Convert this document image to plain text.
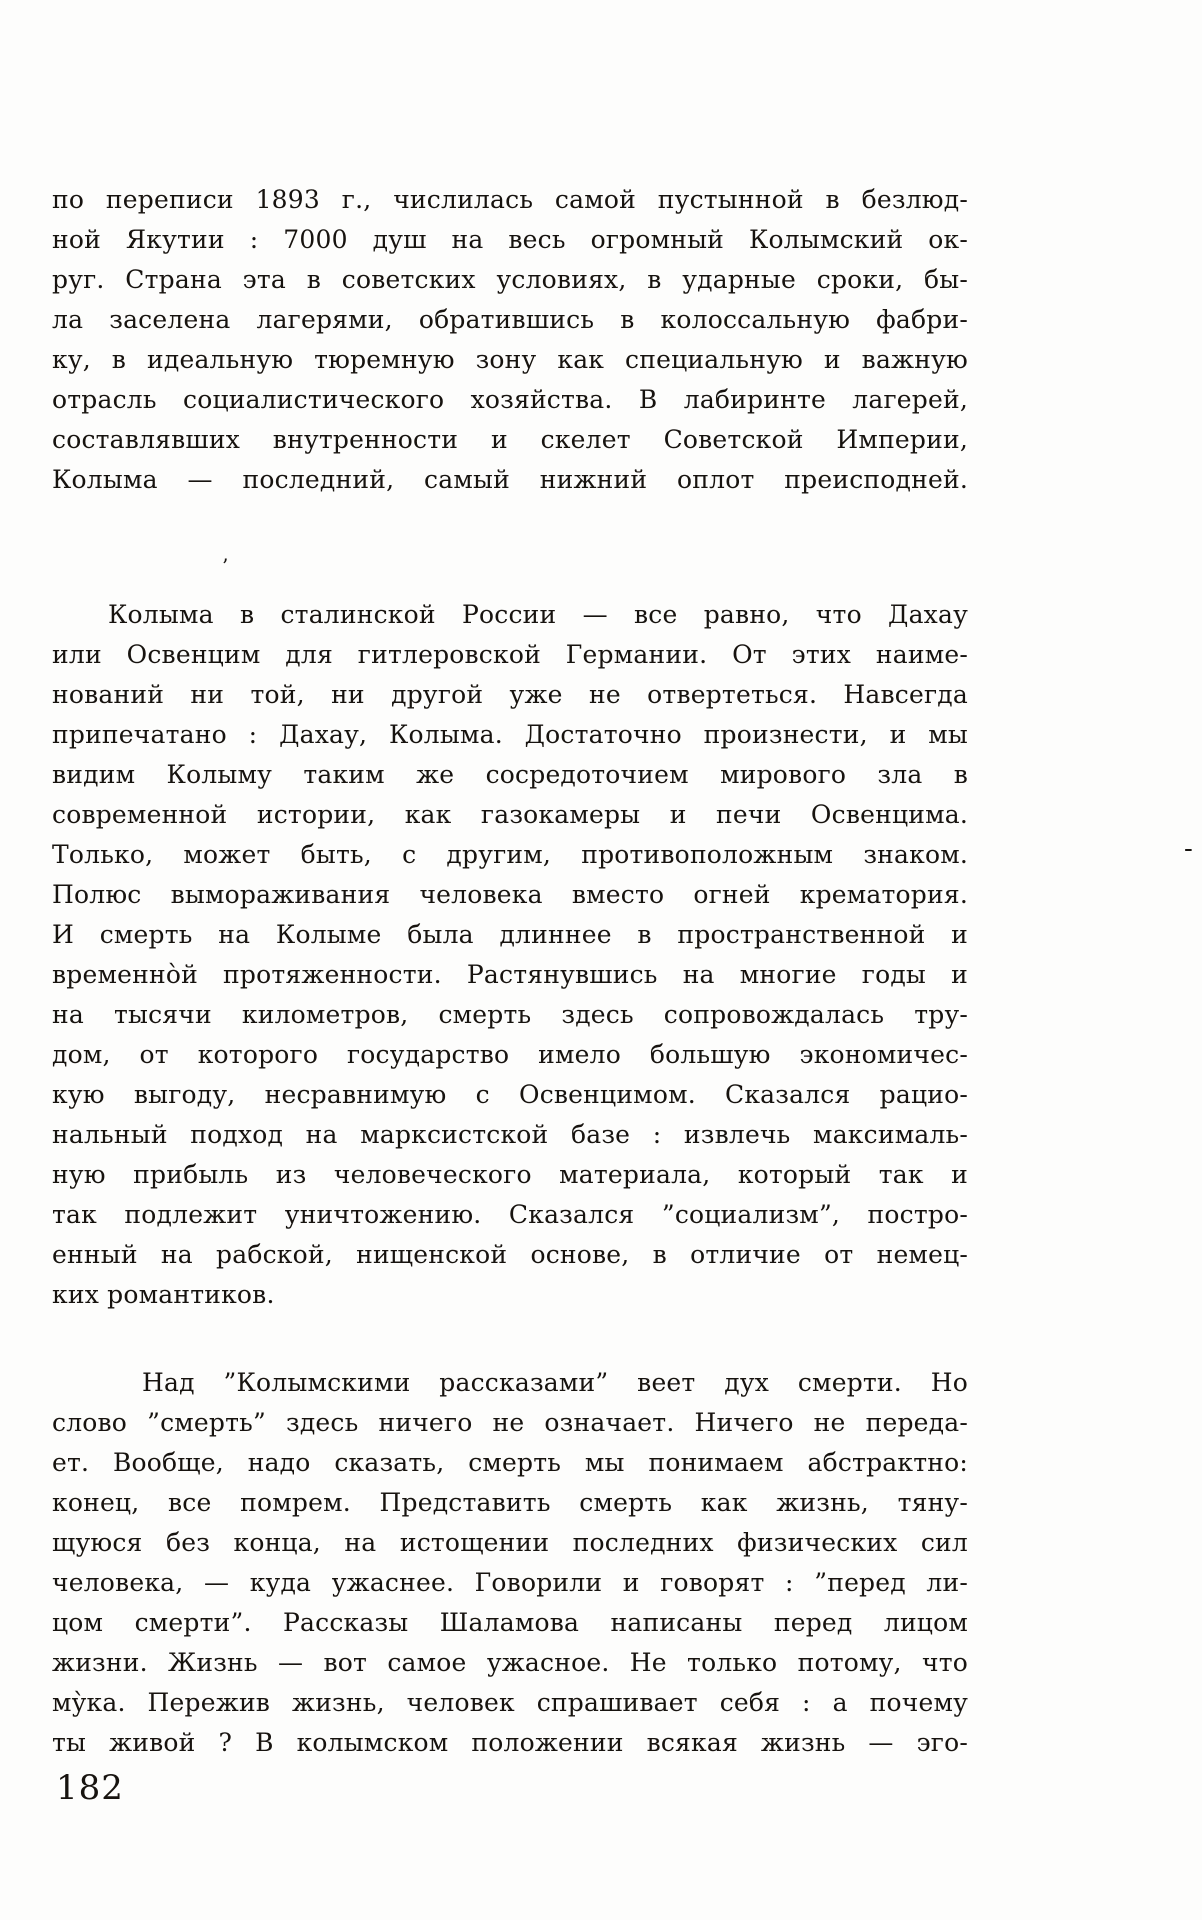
по переписи 1893 г., числилась самой пустынной в безлюд-
ной Якутии : 7000 душ на весь огромный Колымский ок-
руг. Страна эта в советских условиях, в ударные сроки, бы-
ла заселена лагерями, обратившись в колоссальную фабри-
ку, в идеальную тюремную зону как специальную и важную
отрасль социалистического хозяйства. В лабиринте лагерей,
составлявших внутренности и скелет Советской Империи,
Колыма — последний, самый нижний оплот преисподней.
’
Колыма в сталинской России — все равно, что Дахау
или Освенцим для гитлеровской Германии. От этих наиме-
нований ни той, ни другой уже не отвертеться. Навсегда
припечатано : Дахау, Колыма. Достаточно произнести, и мы
видим Колыму таким же сосредоточием мирового зла в
современной истории, как газокамеры и печи Освенцима.
Только, может быть, с другим, противоположным знаком.
Полюс вымораживания человека вместо огней крематория.
И смерть на Колыме была длиннее в пространственной и
временно̀й протяженности. Растянувшись на многие годы и
на тысячи километров, смерть здесь сопровождалась тру-
дом, от которого государство имело большую экономичес-
кую выгоду, несравнимую с Освенцимом. Сказался рацио-
нальный подход на марксистской базе : извлечь максималь-
ную прибыль из человеческого материала, который так и
так подлежит уничтожению. Сказался ”социализм”, постро-
енный на рабской, нищенской основе, в отличие от немец-
ких романтиков.
-
Над ”Колымскими рассказами” веет дух смерти. Но
слово ”смерть” здесь ничего не означает. Ничего не переда-
ет. Вообще, надо сказать, смерть мы понимаем абстрактно:
конец, все помрем. Представить смерть как жизнь, тяну-
щуюся без конца, на истощении последних физических сил
человека, — куда ужаснее. Говорили и говорят : ”перед ли-
цом смерти”. Рассказы Шаламова написаны перед лицом
жизни. Жизнь — вот самое ужасное. Не только потому, что
му̀ка. Пережив жизнь, человек спрашивает себя : а почему
ты живой ? В колымском положении всякая жизнь — эго-
182
